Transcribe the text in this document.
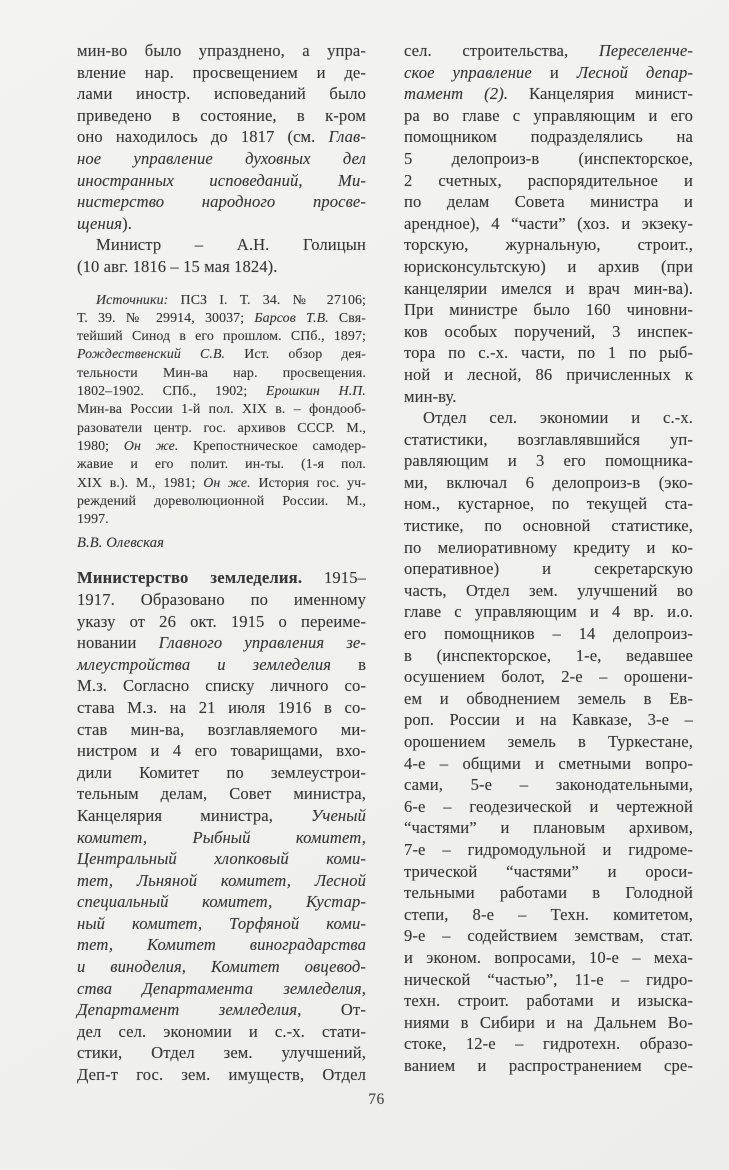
мин-во было упразднено, а упра-
вление нар. просвещением и де-
лами иностр. исповеданий было
приведено в состояние, в к-ром
оно находилось до 1817 (см. Глав-
ное управление духовных дел
иностранных исповеданий, Ми-
нистерство народного просве-
щения).
Министр – А.Н. Голицын
(10 авг. 1816 – 15 мая 1824).
Источники: ПСЗ I. Т. 34. № 27106;
Т. 39. № 29914, 30037; Барсов Т.В. Свя-
тейший Синод в его прошлом. СПб., 1897;
Рождественский С.В. Ист. обзор дея-
тельности Мин-ва нар. просвещения.
1802–1902. СПб., 1902; Ерошкин Н.П.
Мин-ва России 1-й пол. XIX в. – фондооб-
разователи центр. гос. архивов СССР. М.,
1980; Он же. Крепостническое самодер-
жавие и его полит. ин-ты. (1-я пол.
XIX в.). М., 1981; Он же. История гос. уч-
реждений дореволюционной России. М.,
1997.
В.В. Олевская
Министерство земледелия. 1915–
1917. Образовано по именному
указу от 26 окт. 1915 о переиме-
новании Главного управления зе-
млеустройства и земледелия в
М.з. Согласно списку личного со-
става М.з. на 21 июля 1916 в со-
став мин-ва, возглавляемого ми-
нистром и 4 его товарищами, вхо-
дили Комитет по землеустрои-
тельным делам, Совет министра,
Канцелярия министра, Ученый
комитет, Рыбный комитет,
Центральный хлопковый коми-
тет, Льняной комитет, Лесной
специальный комитет, Кустар-
ный комитет, Торфяной коми-
тет, Комитет виноградарства
и виноделия, Комитет овцевод-
ства Департамента земледелия,
Департамент земледелия, От-
дел сел. экономии и с.-х. стати-
стики, Отдел зем. улучшений,
Деп-т гос. зем. имуществ, Отдел
сел. строительства, Переселенче-
ское управление и Лесной депар-
тамент (2). Канцелярия минист-
ра во главе с управляющим и его
помощником подразделялись на
5 делопроиз-в (инспекторское,
2 счетных, распорядительное и
по делам Совета министра и
арендное), 4 “части” (хоз. и экзеку-
торскую, журнальную, строит.,
юрисконсультскую) и архив (при
канцелярии имелся и врач мин-ва).
При министре было 160 чиновни-
ков особых поручений, 3 инспек-
тора по с.-х. части, по 1 по рыб-
ной и лесной, 86 причисленных к
мин-ву.
Отдел сел. экономии и с.-х.
статистики, возглавлявшийся уп-
равляющим и 3 его помощника-
ми, включал 6 делопроиз-в (эко-
ном., кустарное, по текущей ста-
тистике, по основной статистике,
по мелиоративному кредиту и ко-
оперативное) и секретарскую
часть, Отдел зем. улучшений во
главе с управляющим и 4 вр. и.о.
его помощников – 14 делопроиз-
в (инспекторское, 1-е, ведавшее
осушением болот, 2-е – орошени-
ем и обводнением земель в Ев-
роп. России и на Кавказе, 3-е –
орошением земель в Туркестане,
4-е – общими и сметными вопро-
сами, 5-е – законодательными,
6-е – геодезической и чертежной
“частями” и плановым архивом,
7-е – гидромодульной и гидроме-
трической “частями” и ороси-
тельными работами в Голодной
степи, 8-е – Техн. комитетом,
9-е – содействием земствам, стат.
и эконом. вопросами, 10-е – меха-
нической “частью”, 11-е – гидро-
техн. строит. работами и изыска-
ниями в Сибири и на Дальнем Во-
стоке, 12-е – гидротехн. образо-
ванием и распространением сре-
76
